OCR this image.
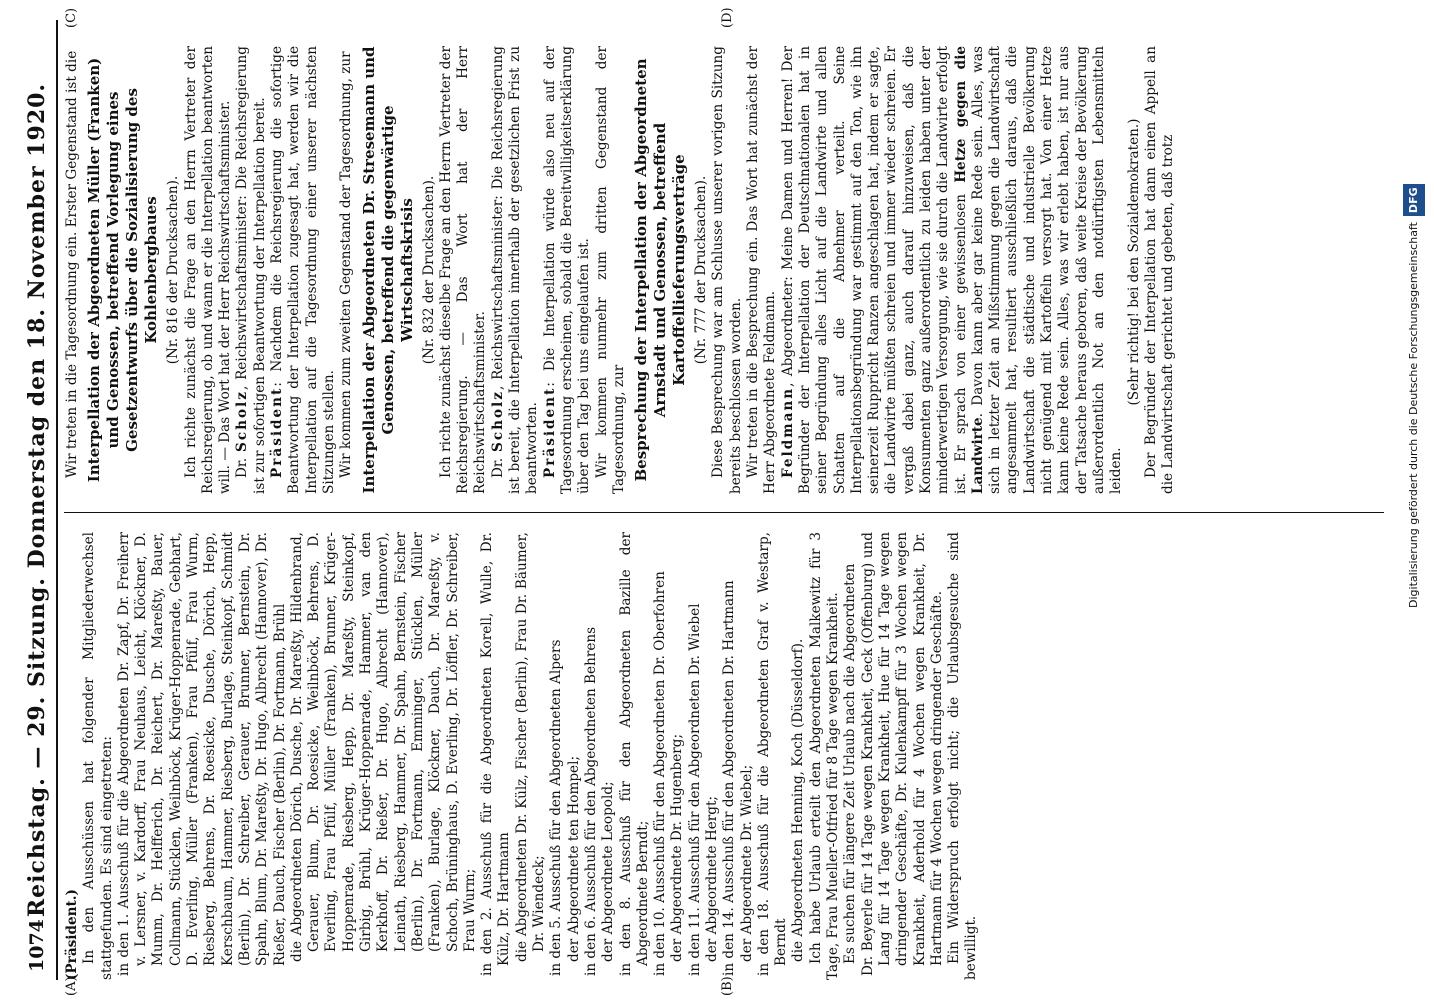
1074
Reichstag. — 29. Sitzung. Donnerstag den 18. November 1920.
(A)	(B)
(C)	(D)

(Präsident.) In den Ausschüssen hat folgender Mitgliederwechsel stattgefunden. Es sind eingetreten: in den 1. Ausschuß für die Abgeordneten Dr. Zapf, Dr. Freiherr v. Lersner, v. Kardorff, Frau Neuhaus, Leicht, Klöckner, D. Mumm, Dr. Helfferich, Dr. Reichert, Dr. Mareßty, Bauer, Collmann, Stücklen, Weilnböck, Krüger-Hoppenrade, Gebhart, D. Everling, Müller (Franken), Frau Pfülf, Frau Wurm, Riesberg, Behrens, Dr. Roesicke, Dusche, Dörich, Hepp, Kerschbaum, Hammer, Riesberg, Burlage, Steinkopf, Schmidt (Berlin), Dr. Schreiber, Gerauer, Brunner, Bernstein, Dr. Spahn, Blum, Dr. Mareßty, Dr. Hugo, Albrecht (Hannover), Dr. Rießer, Dauch, Fischer (Berlin), Dr. Fortmann, Brühl die Abgeordneten Dörich, Dusche, Dr. Mareßty, Hildenbrand, Gerauer, Blum, Dr. Roesicke, Weilnböck, Behrens, D. Everling, Frau Pfülf, Müller (Franken), Brunner, Krüger-Hoppenrade, Riesberg, Hepp, Dr. Mareßty, Steinkopf, Girbig, Brühl, Krüger-Hoppenrade, Hammer, van den Kerkhoff, Dr. Rießer, Dr. Hugo, Albrecht (Hannover), Leinath, Riesberg, Hammer, Dr. Spahn, Bernstein, Fischer (Berlin), Dr. Fortmann, Emminger, Stücklen, Müller (Franken), Burlage, Klöckner, Dauch, Dr. Mareßty, v. Schoch, Brüninghaus, D. Everling, Dr. Löffler, Dr. Schreiber, Frau Wurm; in den 2. Ausschuß für die Abgeordneten Korell, Wulle, Dr. Külz, Dr. Hartmann die Abgeordneten Dr. Külz, Fischer (Berlin), Frau Dr. Bäumer, Dr. Wiendeck; in den 5. Ausschuß für den Abgeordneten Alpers der Abgeordnete ten Hompel; in den 6. Ausschuß für den Abgeordneten Behrens der Abgeordnete Leopold; in den 8. Ausschuß für den Abgeordneten Bazille der Abgeordnete Berndt; in den 10. Ausschuß für den Abgeordneten Dr. Oberfohren der Abgeordnete Dr. Hugenberg; in den 11. Ausschuß für den Abgeordneten Dr. Wiebel der Abgeordnete Hergt; in den 14. Ausschuß für den Abgeordneten Dr. Hartmann der Abgeordnete Dr. Wiebel; in den 18. Ausschuß für die Abgeordneten Graf v. Westarp, Berndt die Abgeordneten Henning, Koch (Düsseldorf). Ich habe Urlaub erteilt den Abgeordneten Malkewitz für 3 Tage, Frau Mueller-Otfried für 8 Tage wegen Krankheit. Es suchen für längere Zeit Urlaub nach die Abgeordneten Dr. Beyerle für 14 Tage wegen Krankheit, Geck (Offenburg) und Lang für 14 Tage wegen Krankheit, Hue für 14 Tage wegen dringender Geschäfte, Dr. Kulenkampff für 3 Wochen wegen Krankheit, Aderhold für 4 Wochen wegen Krankheit, Dr. Hartmann für 4 Wochen wegen dringender Geschäfte. Ein Widerspruch erfolgt nicht; die Urlaubsgesuche sind bewilligt.

Wir treten in die Tagesordnung ein. Erster Gegenstand ist die Interpellation der Abgeordneten Müller (Franken) und Genossen, betreffend Vorlegung eines Gesetzentwurfs über die Sozialisierung des Kohlenbergbaues (Nr. 816 der Drucksachen). Ich richte zunächst die Frage an den Herrn Vertreter der Reichsregierung, ob und wann er die Interpellation beantworten will. — Das Wort hat der Herr Reichswirtschaftsminister. Dr. Scholz, Reichswirtschaftsminister: Die Reichsregierung ist zur sofortigen Beantwortung der Interpellation bereit. Präsident: Nachdem die Reichsregierung die sofortige Beantwortung der Interpellation zugesagt hat, werden wir die Interpellation auf die Tagesordnung einer unserer nächsten Sitzungen stellen. Wir kommen zum zweiten Gegenstand der Tagesordnung, zur Interpellation der Abgeordneten Dr. Stresemann und Genossen, betreffend die gegenwärtige Wirtschaftskrisis (Nr. 832 der Drucksachen). Ich richte zunächst dieselbe Frage an den Herrn Vertreter der Reichsregierung. — Das Wort hat der Herr Reichswirtschaftsminister. Dr. Scholz, Reichswirtschaftsminister: Die Reichsregierung ist bereit, die Interpellation innerhalb der gesetzlichen Frist zu beantworten. Präsident: Die Interpellation würde also neu auf der Tagesordnung erscheinen, sobald die Bereitwilligkeitserklärung über den Tag bei uns eingelaufen ist. Wir kommen nunmehr zum dritten Gegenstand der Tagesordnung, zur Besprechung der Interpellation der Abgeordneten Arnstadt und Genossen, betreffend Kartoffellieferungsverträge (Nr. 777 der Drucksachen). Diese Besprechung war am Schlusse unserer vorigen Sitzung bereits beschlossen worden. Wir treten in die Besprechung ein. Das Wort hat zunächst der Herr Abgeordnete Feldmann. Feldmann, Abgeordneter: Meine Damen und Herren! Der Begründer der Interpellation der Deutschnationalen hat in seiner Begründung alles Licht auf die Landwirte und allen Schatten auf die Abnehmer verteilt. Seine Interpellationsbegründung war gestimmt auf den Ton, wie ihn seinerzeit Ruppricht Ranzen angeschlagen hat, indem er sagte, die Landwirte müßten schreien und immer wieder schreien. Er vergaß dabei ganz, auch darauf hinzuweisen, daß die Konsumenten ganz außerordentlich zu leiden haben unter der minderwertigen Versorgung, wie sie durch die Landwirte erfolgt ist. Er sprach von einer gewissenlosen Hetze gegen die Landwirte. Davon kann aber gar keine Rede sein. Alles, was sich in letzter Zeit an Mißstimmung gegen die Landwirtschaft angesammelt hat, resultiert ausschließlich daraus, daß die Landwirtschaft die städtische und industrielle Bevölkerung nicht genügend mit Kartoffeln versorgt hat. Von einer Hetze kann keine Rede sein. Alles, was wir erlebt haben, ist nur aus der Tatsache heraus geboren, daß weite Kreise der Bevölkerung außerordentlich Not an den notdürftigsten Lebensmitteln leiden.

(Sehr richtig! bei den Sozialdemokraten.) Der Begründer der Interpellation hat dann einen Appell an die Landwirtschaft gerichtet und gebeten, daß trotz	Digitalisierung gefördert durch die Deutsche ForschungsgemeinschaftDFG
